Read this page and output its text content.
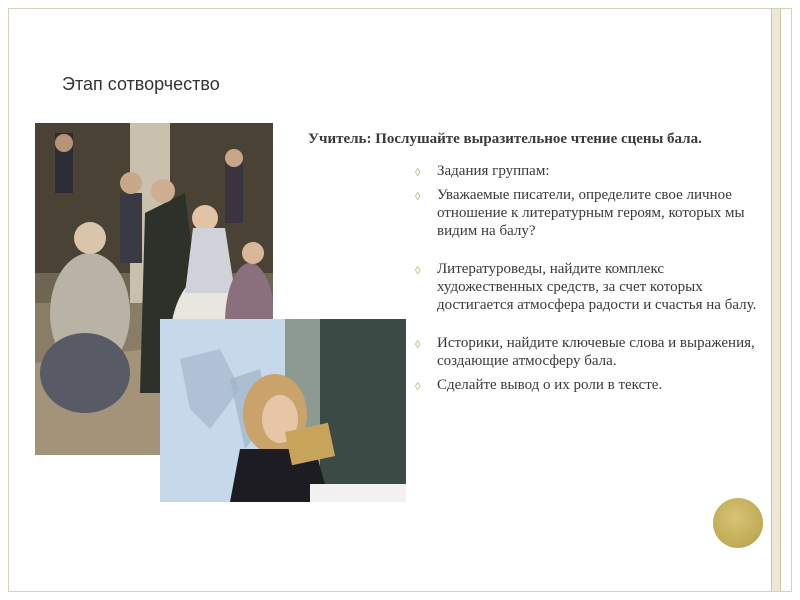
Этап сотворчество

Учитель: Послушайте выразительное чтение сцены бала.

◊ Задания группам:
◊ Уважаемые писатели, определите свое личное отношение к литературным героям, которых мы видим на балу?
◊ Литературоведы, найдите комплекс художественных средств, за счет которых достигается атмосфера радости и счастья на балу.
◊ Историки, найдите ключевые слова и выражения, создающие атмосферу бала.
◊ Сделайте вывод о их роли в тексте.
